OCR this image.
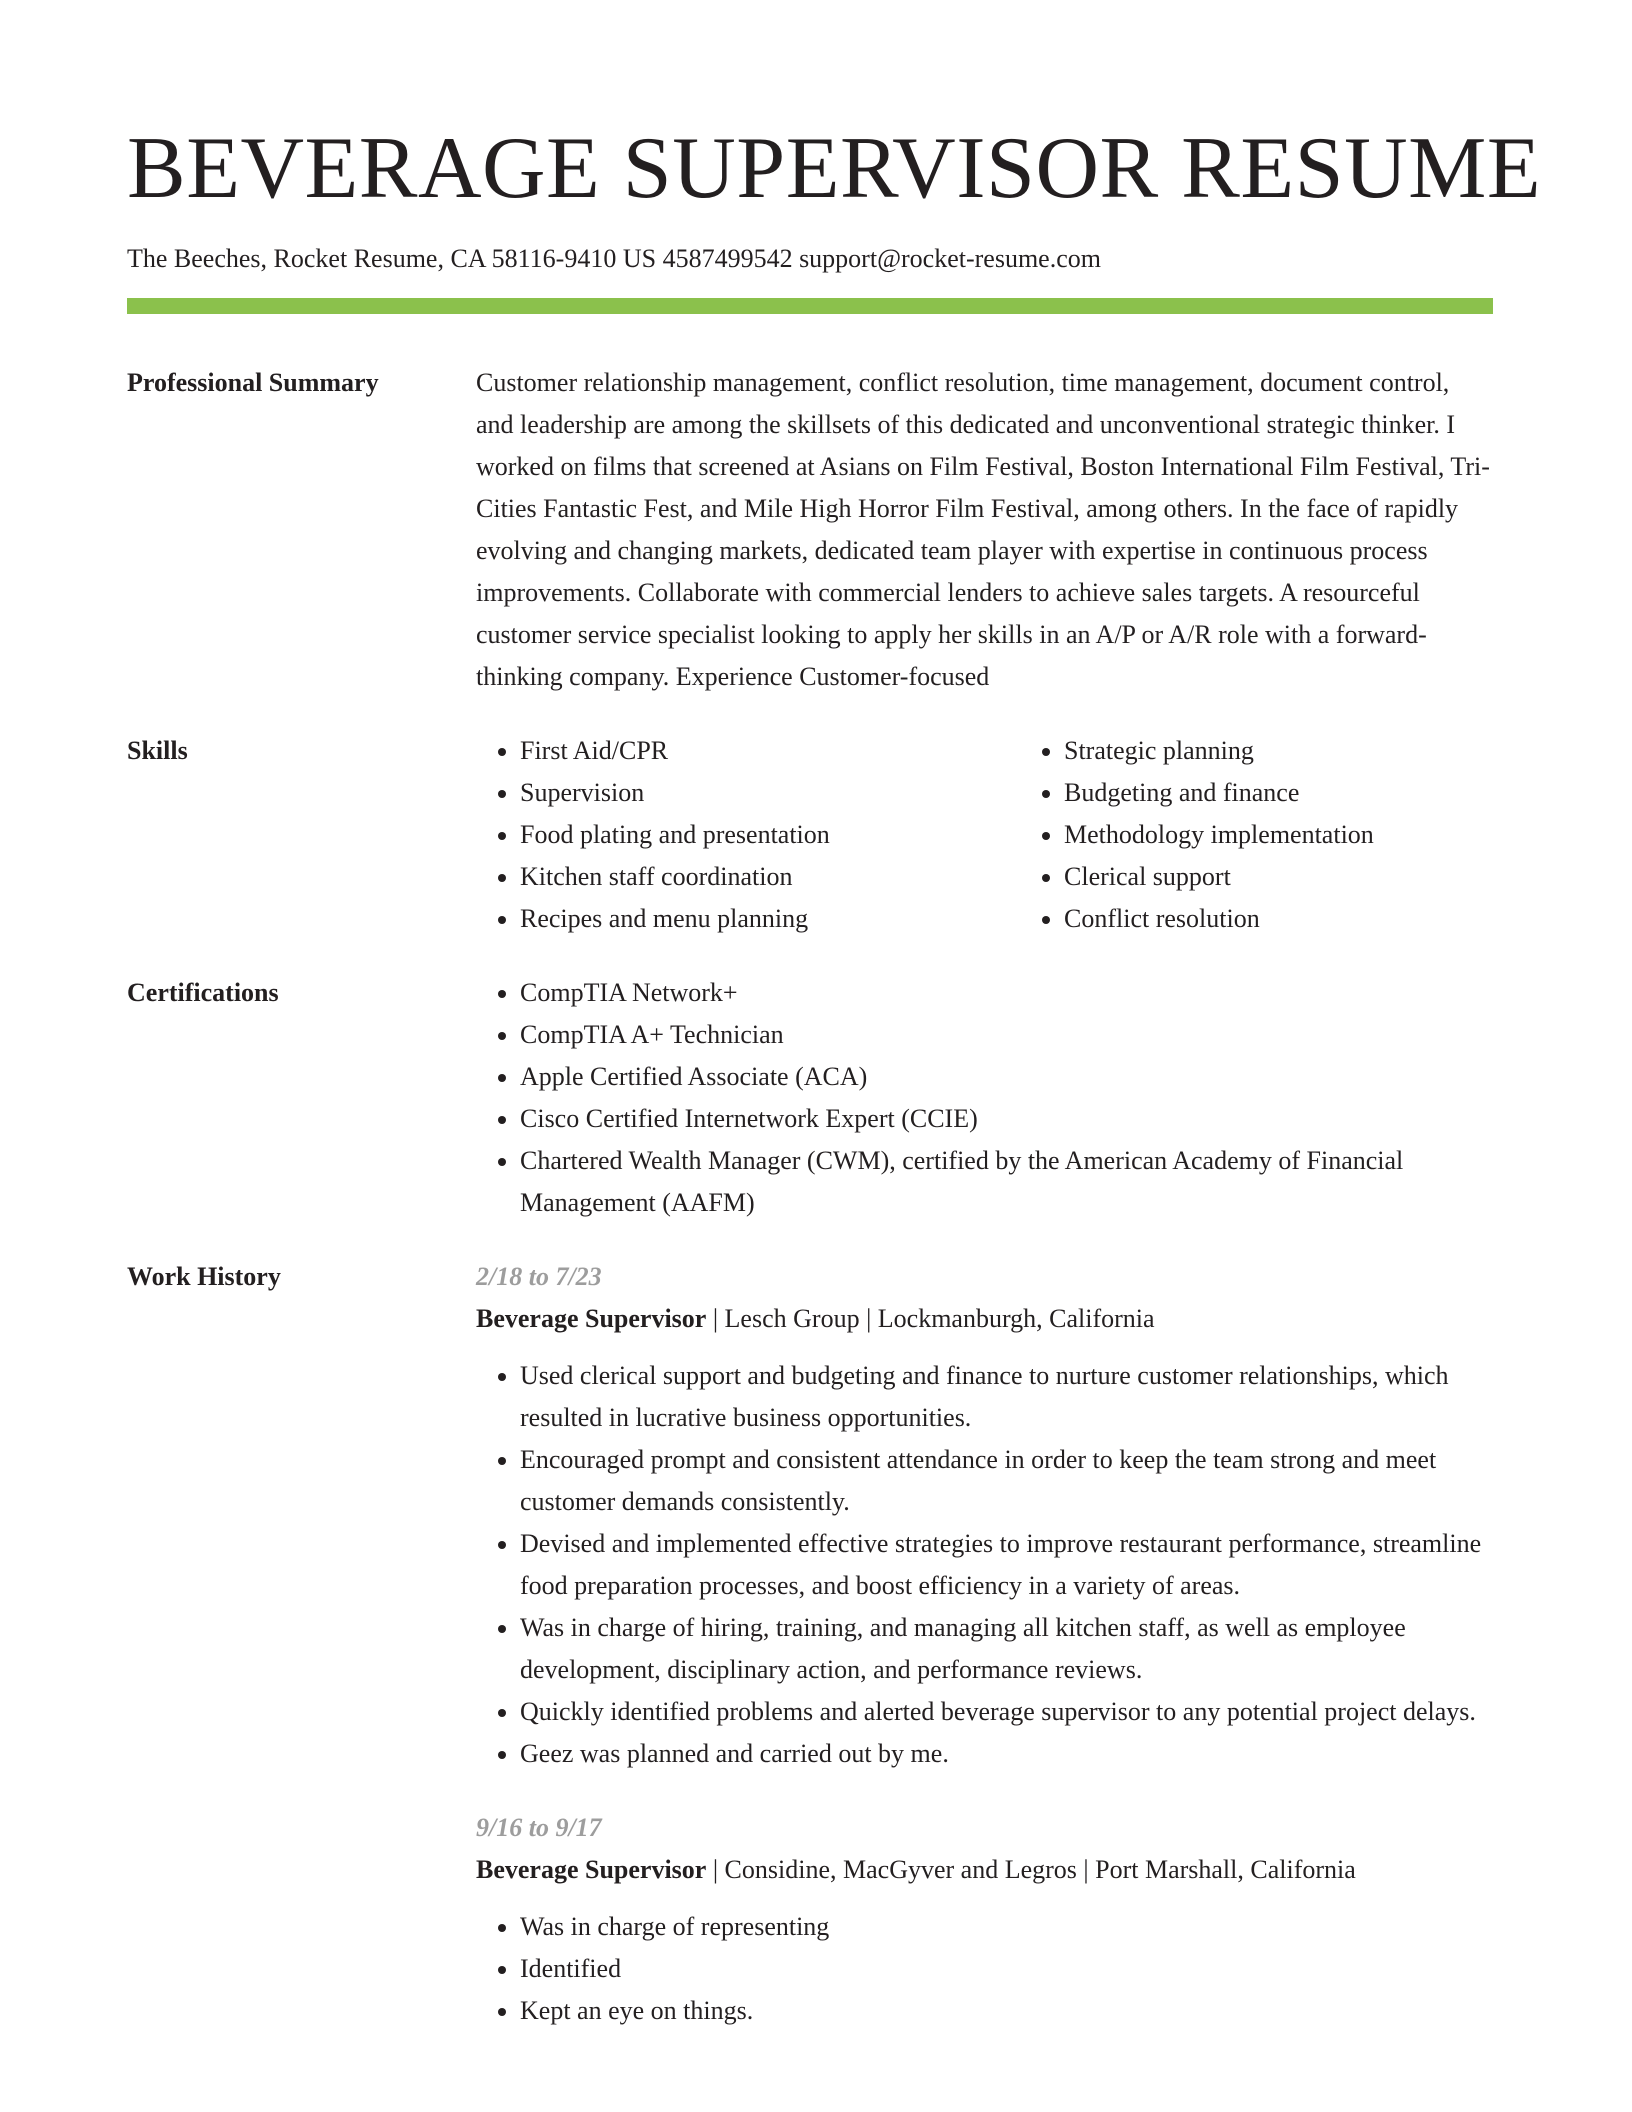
BEVERAGE SUPERVISOR RESUME
The Beeches, Rocket Resume, CA 58116-9410 US 4587499542 support@rocket-resume.com
Professional Summary	Customer relationship management, conflict resolution, time management, document control, and leadership are among the skillsets of this dedicated and unconventional strategic thinker. I worked on films that screened at Asians on Film Festival, Boston International Film Festival, Tri-Cities Fantastic Fest, and Mile High Horror Film Festival, among others. In the face of rapidly evolving and changing markets, dedicated team player with expertise in continuous process improvements. Collaborate with commercial lenders to achieve sales targets. A resourceful customer service specialist looking to apply her skills in an A/P or A/R role with a forward-thinking company. Experience Customer-focused

Skills	• First Aid/CPR
• Supervision
• Food plating and presentation
• Kitchen staff coordination
• Recipes and menu planning
• Strategic planning
• Budgeting and finance
• Methodology implementation
• Clerical support
• Conflict resolution
Certifications	• CompTIA Network+
• CompTIA A+ Technician
• Apple Certified Associate (ACA)
• Cisco Certified Internetwork Expert (CCIE)
• Chartered Wealth Manager (CWM), certified by the American Academy of Financial Management (AAFM)
Work History	2/18 to 7/23
Beverage Supervisor | Lesch Group | Lockmanburgh, California
• Used clerical support and budgeting and finance to nurture customer relationships, which resulted in lucrative business opportunities.
• Encouraged prompt and consistent attendance in order to keep the team strong and meet customer demands consistently.
• Devised and implemented effective strategies to improve restaurant performance, streamline food preparation processes, and boost efficiency in a variety of areas.
• Was in charge of hiring, training, and managing all kitchen staff, as well as employee development, disciplinary action, and performance reviews.
• Quickly identified problems and alerted beverage supervisor to any potential project delays.
• Geez was planned and carried out by me.
9/16 to 9/17
Beverage Supervisor | Considine, MacGyver and Legros | Port Marshall, California
• Was in charge of representing
• Identified
• Kept an eye on things.
